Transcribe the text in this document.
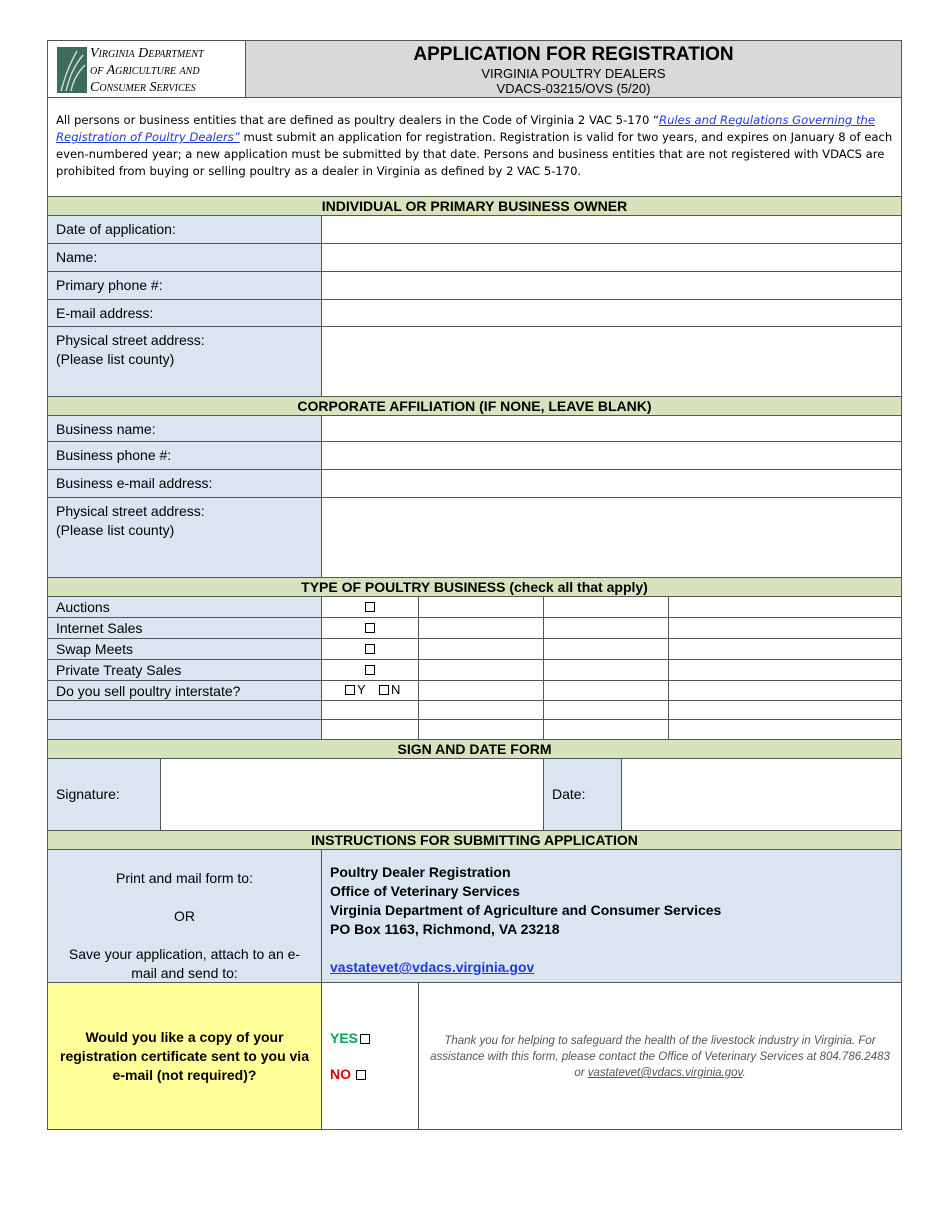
Virginia Department
of Agriculture and
Consumer Services
APPLICATION FOR REGISTRATION
VIRGINIA POULTRY DEALERS
VDACS-03215/OVS (5/20)
All persons or business entities that are defined as poultry dealers in the Code of Virginia 2 VAC 5-170 “Rules and Regulations Governing the Registration of Poultry Dealers” must submit an application for registration. Registration is valid for two years, and expires on January 8 of each even-numbered year; a new application must be submitted by that date. Persons and business entities that are not registered with VDACS are prohibited from buying or selling poultry as a dealer in Virginia as defined by 2 VAC 5-170.
INDIVIDUAL OR PRIMARY BUSINESS OWNER
Date of application:
Name:
Primary phone #:
E-mail address:
Physical street address:
(Please list county)
CORPORATE AFFILIATION (IF NONE, LEAVE BLANK)
Business name:
Business phone #:
Business e-mail address:
Physical street address:
(Please list county)
TYPE OF POULTRY BUSINESS (check all that apply)
Auctions
Internet Sales
Swap Meets
Private Treaty Sales
Do you sell poultry interstate?	Y N
SIGN AND DATE FORM
Signature:	Date:
INSTRUCTIONS FOR SUBMITTING APPLICATION
Print and mail form to:
OR
Save your application, attach to an e-mail and send to:
Poultry Dealer Registration
Office of Veterinary Services
Virginia Department of Agriculture and Consumer Services
PO Box 1163, Richmond, VA 23218
vastatevet@vdacs.virginia.gov
Would you like a copy of your registration certificate sent to you via e-mail (not required)?
YES
NO
Thank you for helping to safeguard the health of the livestock industry in Virginia. For assistance with this form, please contact the Office of Veterinary Services at 804.786.2483 or vastatevet@vdacs.virginia.gov.
